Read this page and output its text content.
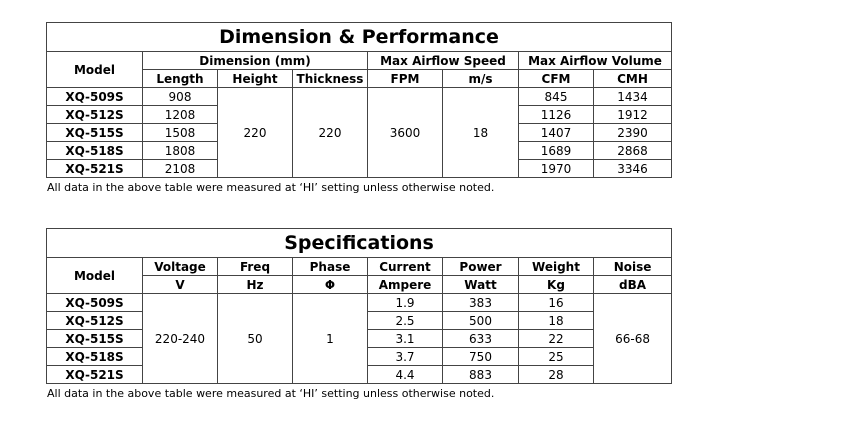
Dimension & Performance							
Model	Dimension (mm)			Max Airflow Speed		Max Airflow Volume	
	Length	Height	Thickness	FPM	m/s	CFM	CMH
XQ-509S	908	220	220	3600	18	845	1434
XQ-512S	1208					1126	1912
XQ-515S	1508					1407	2390
XQ-518S	1808					1689	2868
XQ-521S	2108					1970	3346
All data in the above table were measured at ‘HI’ setting unless otherwise noted.
Specifications							
Model	Voltage	Freq	Phase	Current	Power	Weight	Noise
	V	Hz	Φ	Ampere	Watt	Kg	dBA
XQ-509S	220-240	50	1	1.9	383	16	66-68
XQ-512S				2.5	500	18	
XQ-515S				3.1	633	22	
XQ-518S				3.7	750	25	
XQ-521S				4.4	883	28	
All data in the above table were measured at ‘HI’ setting unless otherwise noted.
